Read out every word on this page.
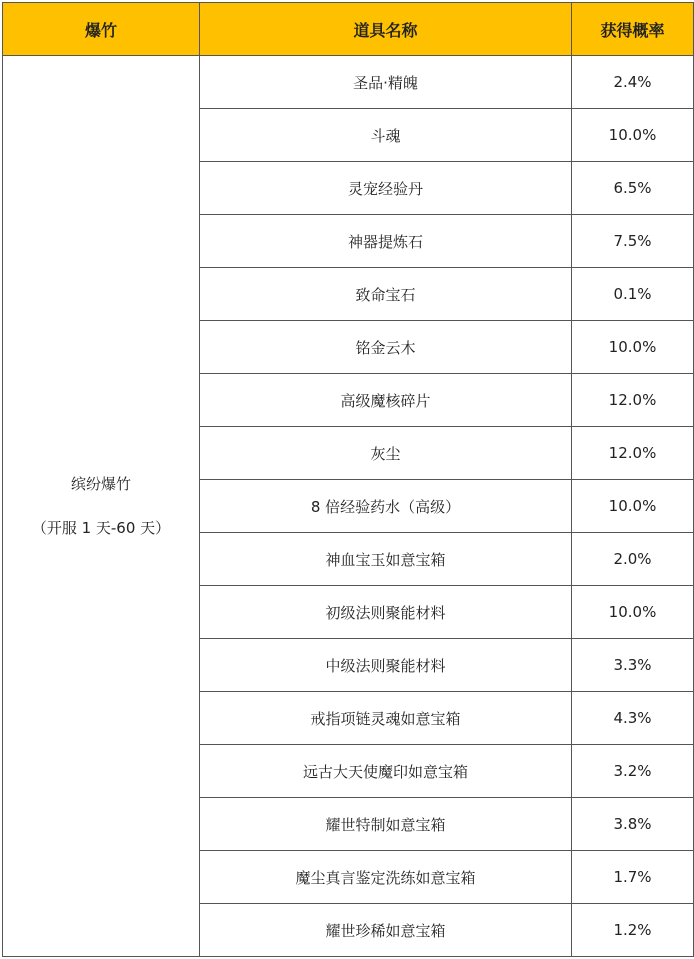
爆竹	道具名称	获得概率

缤纷爆竹
（开服 1 天-60 天）	圣品·精魄	2.4%
	斗魂	10.0%
	灵宠经验丹	6.5%
	神器提炼石	7.5%
	致命宝石	0.1%
	铭金云木	10.0%
	高级魔核碎片	12.0%
	灰尘	12.0%
	8 倍经验药水（高级）	10.0%
	神血宝玉如意宝箱	2.0%
	初级法则聚能材料	10.0%
	中级法则聚能材料	3.3%
	戒指项链灵魂如意宝箱	4.3%
	远古大天使魔印如意宝箱	3.2%
	耀世特制如意宝箱	3.8%
	魔尘真言鉴定洗练如意宝箱	1.7%
	耀世珍稀如意宝箱	1.2%
